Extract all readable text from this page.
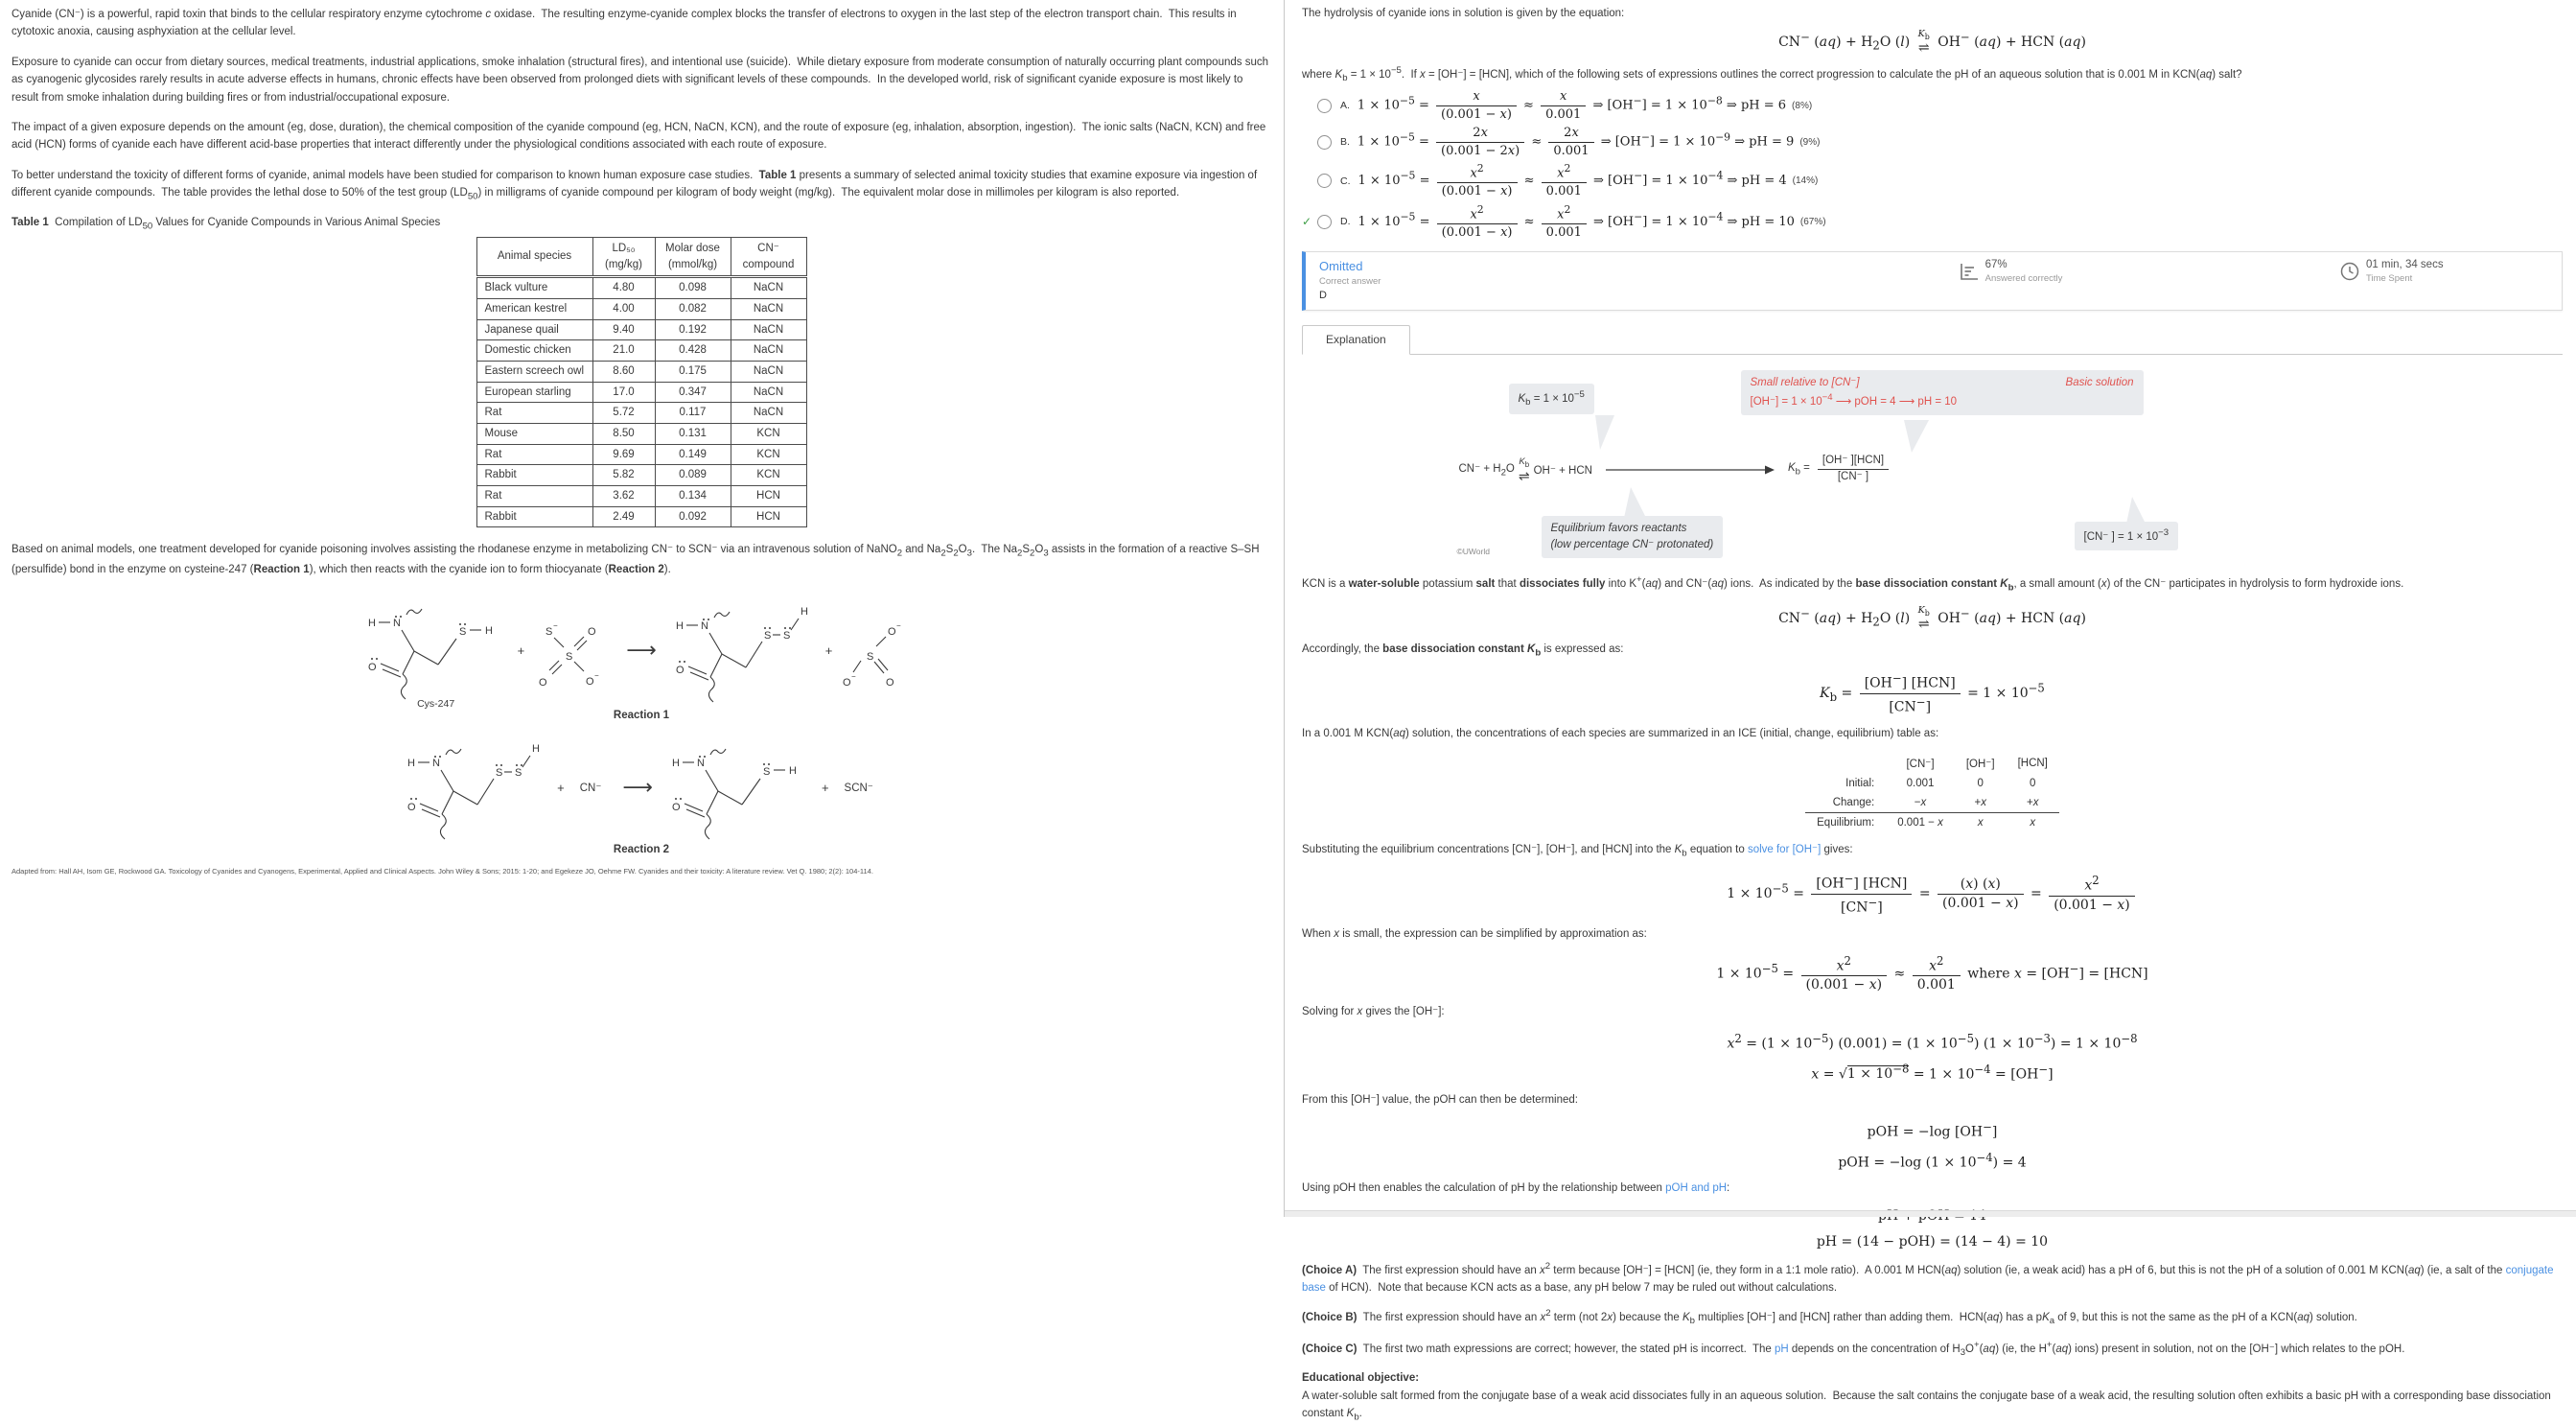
Cyanide (CN⁻) is a powerful, rapid toxin that binds to the cellular respiratory enzyme cytochrome c oxidase.  The resulting enzyme-cyanide complex blocks the transfer of electrons to oxygen in the last step of the electron transport chain.  This results in cytotoxic anoxia, causing asphyxiation at the cellular level.

Exposure to cyanide can occur from dietary sources, medical treatments, industrial applications, smoke inhalation (structural fires), and intentional use (suicide).  While dietary exposure from moderate consumption of naturally occurring plant compounds such as cyanogenic glycosides rarely results in acute adverse effects in humans, chronic effects have been observed from prolonged diets with significant levels of these compounds.  In the developed world, risk of significant cyanide exposure is most likely to result from smoke inhalation during building fires or from industrial/occupational exposure.

The impact of a given exposure depends on the amount (eg, dose, duration), the chemical composition of the cyanide compound (eg, HCN, NaCN, KCN), and the route of exposure (eg, inhalation, absorption, ingestion).  The ionic salts (NaCN, KCN) and free acid (HCN) forms of cyanide each have different acid-base properties that interact differently under the physiological conditions associated with each route of exposure.

To better understand the toxicity of different forms of cyanide, animal models have been studied for comparison to known human exposure case studies.  Table 1 presents a summary of selected animal toxicity studies that examine exposure via ingestion of different cyanide compounds.  The table provides the lethal dose to 50% of the test group $(LD_{50})$ in milligrams of cyanide compound per kilogram of body weight (mg/kg).  The equivalent molar dose in millimoles per kilogram is also reported.

Table 1  Compilation of $LD_{50}$ Values for Cyanide Compounds in Various Animal Species
Animal species	LD₅₀ (mg/kg)	Molar dose (mmol/kg)	CN⁻ compound
Black vulture	4.80	0.098	NaCN
American kestrel	4.00	0.082	NaCN
Japanese quail	9.40	0.192	NaCN
Domestic chicken	21.0	0.428	NaCN
Eastern screech owl	8.60	0.175	NaCN
European starling	17.0	0.347	NaCN
Rat	5.72	0.117	NaCN
Mouse	8.50	0.131	KCN
Rat	9.69	0.149	KCN
Rabbit	5.82	0.089	KCN
Rat	3.62	0.134	HCN
Rabbit	2.49	0.092	HCN

Based on animal models, one treatment developed for cyanide poisoning involves assisting the rhodanese enzyme in metabolizing CN⁻ to SCN⁻ via an intravenous solution of NaNO$_2$ and $Na_2S_2O_3$.  The $Na_2S_2O_3$ assists in the formation of a reactive S–SH (persulfide) bond in the enzyme on cysteine-247 (Reaction 1), which then reacts with the cyanide ion to form thiocyanate (Reaction 2).

H N
S H
O
Cys-247
+
S	O
S
O	O
−
−
⟶
H N
S S
H
O
+
O
S
O	O
−
−
Reaction 1
H N
S S
H
O
+ CN⁻ ⟶
H N
S H
O
+ SCN⁻
Reaction 2
Adapted from: Hall AH, Isom GE, Rockwood GA. Toxicology of Cyanides and Cyanogens, Experimental, Applied and Clinical Aspects. John Wiley & Sons; 2015: 1-20; and Egekeze JO, Oehme FW. Cyanides and their toxicity: A literature review. Vet Q. 1980; 2(2): 104-114.

The hydrolysis of cyanide ions in solution is given by the equation:

CN− $(aq) + H_2O$ (l)
$K_b$
⇌ OH− (aq) + HCN (aq)

where $K_b = 1 \times 10^{-5}$.  If x = [OH⁻] = [HCN], which of the following sets of expressions outlines the correct progression to calculate the pH of an aqueous solution that is 0.001 M in KCN(aq) salt?

A. $1 \times 10^{-5} = \frac{x}{(0.001 - x)} \approx \frac{x}{0.001}$ ⇒ $[OH^-] = 1 \times 10^{-8}$ ⇒ pH = 6 (8%)
B. $1 \times 10^{-5} = \frac{2x}{(0.001 - 2x)} \approx \frac{2x}{0.001}$ ⇒ $[OH^-] = 1 \times 10^{-9}$ ⇒ pH = 9 (9%)
C. $1 \times 10^{-5} = \frac{x^2}{(0.001 - x)} \approx \frac{x^2}{0.001}$ ⇒ $[OH^-] = 1 \times 10^{-4}$ ⇒ pH = 4 (14%)
✓	D. $1 \times 10^{-5} = \frac{x^2}{(0.001 - x)} \approx \frac{x^2}{0.001}$ ⇒ $[OH^-] = 1 \times 10^{-4}$ ⇒ pH = 10 (67%)
Omitted
Correct answer
D
67%
Answered correctly
01 min, 34 secs
Time Spent
Explanation
$K_b = 1 \times 10^{-5}$
Small relative to [CN⁻]	Basic solution
$[OH^-] = 1 \times 10^{-4}$ ⟶ pOH = 4 ⟶ pH = 10
$CN^- + H_2O$
$K_b$
⇌ OH⁻ + HCN	$K_b = \frac{\text{[OH⁻ ][HCN]}}{[CN^- ]}$
Equilibrium favors reactants
(low percentage CN⁻ protonated)
[CN⁻ ] = $1 \times 10^{-3}$
©UWorld

KCN is a water-soluble potassium salt that dissociates fully into K+(aq) and CN⁻(aq) ions.  As indicated by the base dissociation constant $K_b$, a small amount (x) of the CN⁻ participates in hydrolysis to form hydroxide ions.

CN− $(aq) + H_2O$ (l)
$K_b$
⇌ OH− (aq) + HCN (aq)

Accordingly, the base dissociation constant $K_b$ is expressed as:

$K_b = \frac{[OH^-] [HCN]}{[CN^-]} = 1 \times 10^{-5}$

In a 0.001 M KCN(aq) solution, the concentrations of each species are summarized in an ICE (initial, change, equilibrium) table as:

	[CN⁻]	[OH⁻]	[HCN]
Initial:	0.001	0	0
Change:	−x	+x	+x
Equilibrium:	0.001 − x	x	x

Substituting the equilibrium concentrations [CN⁻], [OH⁻], and [HCN] into the $K_b$ equation to solve for [OH⁻] gives:

$1 \times 10^{-5} = \frac{[OH^-] [HCN]}{[CN^-]} = \frac{(x) (x)}{(0.001 - x)} = \frac{x^2}{(0.001 - x)}$

When x is small, the expression can be simplified by approximation as:

$1 \times 10^{-5} = \frac{x^2}{(0.001 - x)} \approx \frac{x^2}{0.001}$ where x = [OH−] = [HCN]

Solving for x gives the [OH⁻]:

$x^2 = (1 \times 10^{-5}) (0.001) = (1 \times 10^{-5}) (1 \times 10^{-3}) = 1 \times 10^{-8}$
$x = √1 \times 10^{-8} = 1 \times 10^{-4} = [OH^-]$

From this [OH⁻] value, the pOH can then be determined:

pOH = −log [OH−]
pOH = −log $(1 \times 10^{-4}) = 4$

Using pOH then enables the calculation of pH by the relationship between pOH and pH:

pH = (14 − pOH) = (14 − 4) = 10

(Choice A)  The first expression should have an $x^2$ term because [OH⁻] = [HCN] (ie, they form in a 1:1 mole ratio).  A 0.001 M HCN(aq) solution (ie, a weak acid) has a pH of 6, but this is not the pH of a solution of 0.001 M KCN(aq) (ie, a salt of the conjugate base of HCN).  Note that because KCN acts as a base, any pH below 7 may be ruled out without calculations.

(Choice B)  The first expression should have an $x^2$ term (not 2x) because the $K_b$ multiplies [OH⁻] and [HCN] rather than adding them.  HCN(aq) has a $pK_a$ of 9, but this is not the same as the pH of a KCN(aq) solution.

(Choice C)  The first two math expressions are correct; however, the stated pH is incorrect.  The pH depends on the concentration of $H_3O^+(aq)$ (ie, the H+(aq) ions) present in solution, not on the [OH⁻] which relates to the pOH.

Educational objective:

A water-soluble salt formed from the conjugate base of a weak acid dissociates fully in an aqueous solution.  Because the salt contains the conjugate base of a weak acid, the resulting solution often exhibits a basic pH with a corresponding base dissociation constant $K_b$.
